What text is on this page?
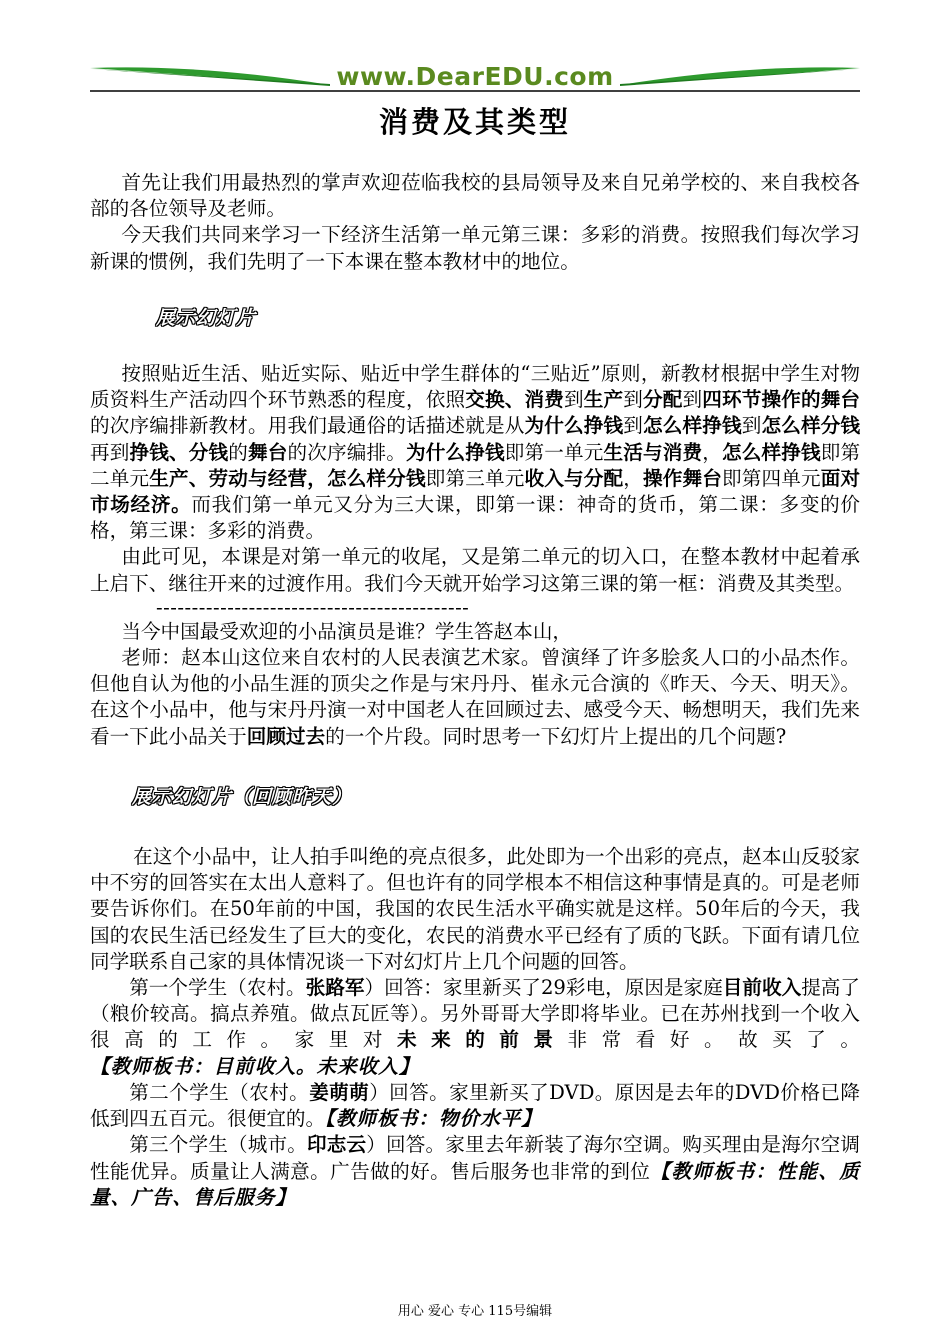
www.DearEDU.com
消费及其类型

首先让我们用最热烈的掌声欢迎莅临我校的县局领导及来自兄弟学校的、来自我校各部的各位领导及老师。

今天我们共同来学习一下经济生活第一单元第三课：多彩的消费。按照我们每次学习新课的惯例，我们先明了一下本课在整本教材中的地位。

展示幻灯片

按照贴近生活、贴近实际、贴近中学生群体的“三贴近”原则，新教材根据中学生对物质资料生产活动四个环节熟悉的程度，依照交换、消费到生产到分配到四环节操作的舞台的次序编排新教材。用我们最通俗的话描述就是从为什么挣钱到怎么样挣钱到怎么样分钱再到挣钱、分钱的舞台的次序编排。为什么挣钱即第一单元生活与消费，怎么样挣钱即第二单元生产、劳动与经营，怎么样分钱即第三单元收入与分配，操作舞台即第四单元面对市场经济。而我们第一单元又分为三大课，即第一课：神奇的货币，第二课：多变的价格，第三课：多彩的消费。

由此可见，本课是对第一单元的收尾，又是第二单元的切入口，在整本教材中起着承上启下、继往开来的过渡作用。我们今天就开始学习这第三课的第一框：消费及其类型。

--------------------------------------------

当今中国最受欢迎的小品演员是谁？学生答赵本山，

老师：赵本山这位来自农村的人民表演艺术家。曾演绎了许多脍炙人口的小品杰作。但他自认为他的小品生涯的顶尖之作是与宋丹丹、崔永元合演的《昨天、今天、明天》。在这个小品中，他与宋丹丹演一对中国老人在回顾过去、感受今天、畅想明天，我们先来看一下此小品关于回顾过去的一个片段。同时思考一下幻灯片上提出的几个问题?

展示幻灯片（回顾昨天）

在这个小品中，让人拍手叫绝的亮点很多，此处即为一个出彩的亮点，赵本山反驳家中不穷的回答实在太出人意料了。但也许有的同学根本不相信这种事情是真的。可是老师要告诉你们。在50年前的中国，我国的农民生活水平确实就是这样。50年后的今天，我国的农民生活已经发生了巨大的变化，农民的消费水平已经有了质的飞跃。下面有请几位同学联系自己家的具体情况谈一下对幻灯片上几个问题的回答。

第一个学生（农村。张路军）回答：家里新买了29彩电，原因是家庭目前收入提高了（粮价较高。搞点养殖。做点瓦匠等）。另外哥哥大学即将毕业。已在苏州找到一个收入很高的工作。家里对未来的前景非常看好。故买了。【教师板书：目前收入。未来收入】

第二个学生（农村。姜萌萌）回答。家里新买了DVD。原因是去年的DVD价格已降低到四五百元。很便宜的。【教师板书：物价水平】

第三个学生（城市。印志云）回答。家里去年新装了海尔空调。购买理由是海尔空调性能优异。质量让人满意。广告做的好。售后服务也非常的到位【教师板书：性能、质量、广告、售后服务】

用心 爱心 专心 115号编辑
